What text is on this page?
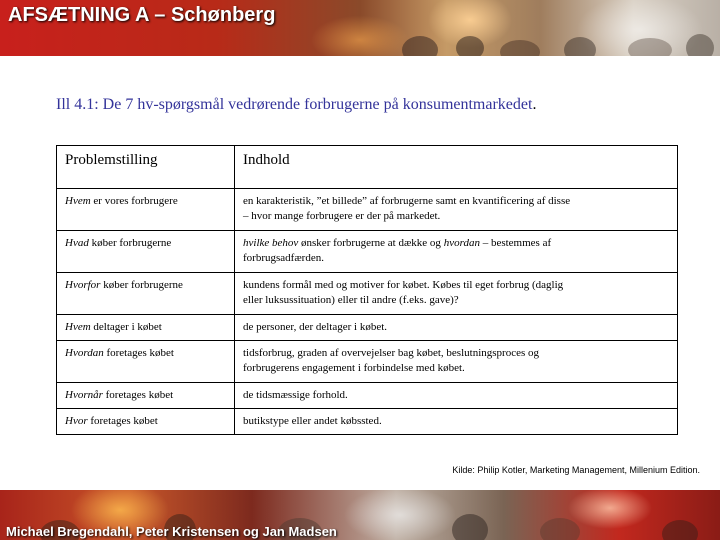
AFSÆTNING A – Schønberg

Ill 4.1: De 7 hv-spørgsmål vedrørende forbrugerne på konsumentmarkedet.

Problemstilling	Indhold
Hvem er vores forbrugere	en karakteristik, ”et billede” af forbrugerne samt en kvantificering af disse
– hvor mange forbrugere er der på markedet.

Hvad køber forbrugerne	hvilke behov ønsker forbrugerne at dække og hvordan – bestemmes af
forbrugsadfærden.

Hvorfor køber forbrugerne	kundens formål med og motiver for købet. Købes til eget forbrug (daglig
eller luksussituation) eller til andre (f.eks. gave)?

Hvem deltager i købet	de personer, der deltager i købet.

Hvordan foretages købet	tidsforbrug, graden af overvejelser bag købet, beslutningsproces og
forbrugerens engagement i forbindelse med købet.

Hvornår foretages købet	de tidsmæssige forhold.

Hvor foretages købet	butikstype eller andet købssted.

Kilde: Philip Kotler, Marketing Management, Millenium Edition.

Michael Bregendahl, Peter Kristensen og Jan Madsen
